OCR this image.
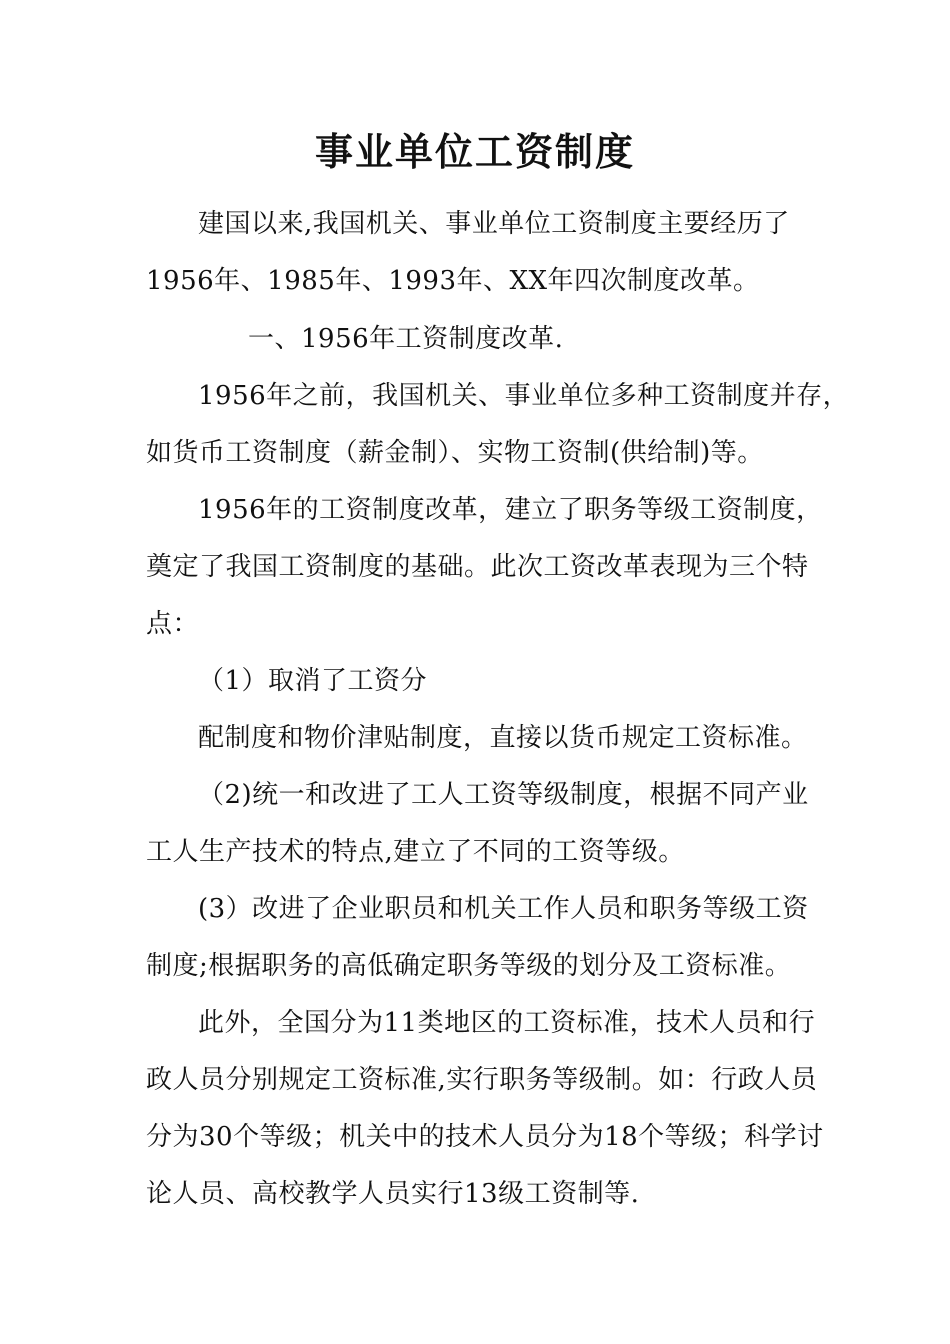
事业单位工资制度
建国以来,我国机关、事业单位工资制度主要经历了
1956年、1985年、1993年、XX年四次制度改革。
一、1956年工资制度改革.
1956年之前，我国机关、事业单位多种工资制度并存，
如货币工资制度（薪金制）、实物工资制(供给制)等。
1956年的工资制度改革，建立了职务等级工资制度，
奠定了我国工资制度的基础。此次工资改革表现为三个特
点：
（1）取消了工资分
配制度和物价津贴制度，直接以货币规定工资标准。
（2)统一和改进了工人工资等级制度，根据不同产业
工人生产技术的特点,建立了不同的工资等级。
(3）改进了企业职员和机关工作人员和职务等级工资
制度;根据职务的高低确定职务等级的划分及工资标准。
此外，全国分为11类地区的工资标准，技术人员和行
政人员分别规定工资标准,实行职务等级制。如：行政人员
分为30个等级；机关中的技术人员分为18个等级；科学讨
论人员、高校教学人员实行13级工资制等.
